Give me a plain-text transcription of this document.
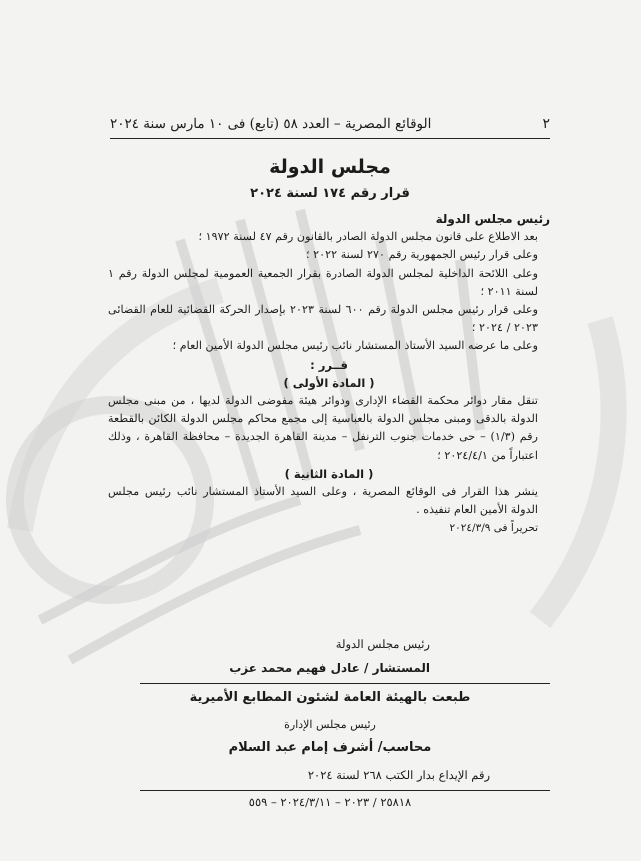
٢
الوقائع المصرية – العدد ٥٨ (تابع) فى ١٠ مارس سنة ٢٠٢٤
مجلس الدولة
قرار رقم ١٧٤ لسنة ٢٠٢٤

رئيس مجلس الدولة

بعد الاطلاع على قانون مجلس الدولة الصادر بالقانون رقم ٤٧ لسنة ١٩٧٢ ؛

وعلى قرار رئيس الجمهورية رقم ٢٧٠ لسنة ٢٠٢٢ ؛

وعلى اللائحة الداخلية لمجلس الدولة الصادرة بقرار الجمعية العمومية لمجلس الدولة رقم ١ لسنة ٢٠١١ ؛

وعلى قرار رئيس مجلس الدولة رقم ٦٠٠ لسنة ٢٠٢٣ بإصدار الحركة القضائية للعام القضائى ٢٠٢٣ / ٢٠٢٤ ؛

وعلى ما عرضه السيد الأستاذ المستشار نائب رئيس مجلس الدولة الأمين العام ؛

قــرر :

( المادة الأولى )

تنقل مقار دوائر محكمة القضاء الإدارى ودوائر هيئة مفوضى الدولة لديها ، من مبنى مجلس الدولة بالدقى ومبنى مجلس الدولة بالعباسية إلى مجمع محاكم مجلس الدولة الكائن بالقطعة رقم (١/٣) – حى خدمات جنوب الترنفل – مدينة القاهرة الجديدة – محافظة القاهرة ، وذلك اعتباراً من ٢٠٢٤/٤/١ ؛

( المادة الثانية )

ينشر هذا القرار فى الوقائع المصرية ، وعلى السيد الأستاذ المستشار نائب رئيس مجلس الدولة الأمين العام تنفيذه .

تحريراً فى ٢٠٢٤/٣/٩

رئيس مجلس الدولة
المستشار / عادل فهيم محمد عزب
طبعت بالهيئة العامة لشئون المطابع الأميرية
رئيس مجلس الإدارة
محاسب/ أشرف إمام عبد السلام
رقم الإيداع بدار الكتب ٢٦٨ لسنة ٢٠٢٤
٢٥٨١٨ / ٢٠٢٣ – ٢٠٢٤/٣/١١ – ٥٥٩
